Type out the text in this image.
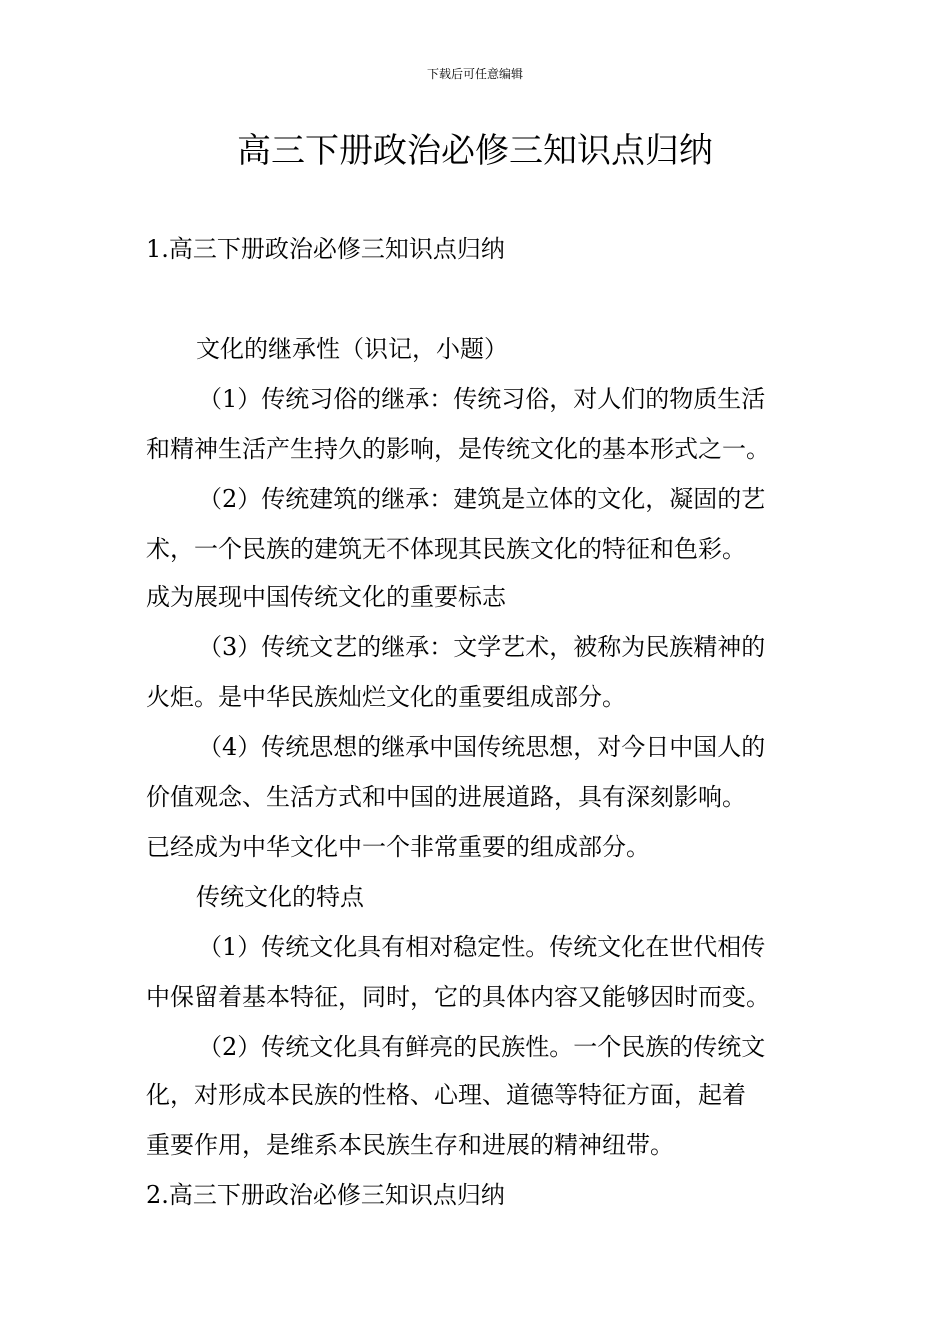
下载后可任意编辑
高三下册政治必修三知识点归纳
1.高三下册政治必修三知识点归纳

文化的继承性（识记，小题）

（1）传统习俗的继承：传统习俗，对人们的物质生活

和精神生活产生持久的影响，是传统文化的基本形式之一。

（2）传统建筑的继承：建筑是立体的文化，凝固的艺

术，一个民族的建筑无不体现其民族文化的特征和色彩。

成为展现中国传统文化的重要标志

（3）传统文艺的继承：文学艺术，被称为民族精神的

火炬。是中华民族灿烂文化的重要组成部分。

（4）传统思想的继承中国传统思想，对今日中国人的

价值观念、生活方式和中国的进展道路，具有深刻影响。

已经成为中华文化中一个非常重要的组成部分。

传统文化的特点

（1）传统文化具有相对稳定性。传统文化在世代相传

中保留着基本特征，同时，它的具体内容又能够因时而变。

（2）传统文化具有鲜亮的民族性。一个民族的传统文

化，对形成本民族的性格、心理、道德等特征方面，起着

重要作用，是维系本民族生存和进展的精神纽带。

2.高三下册政治必修三知识点归纳
